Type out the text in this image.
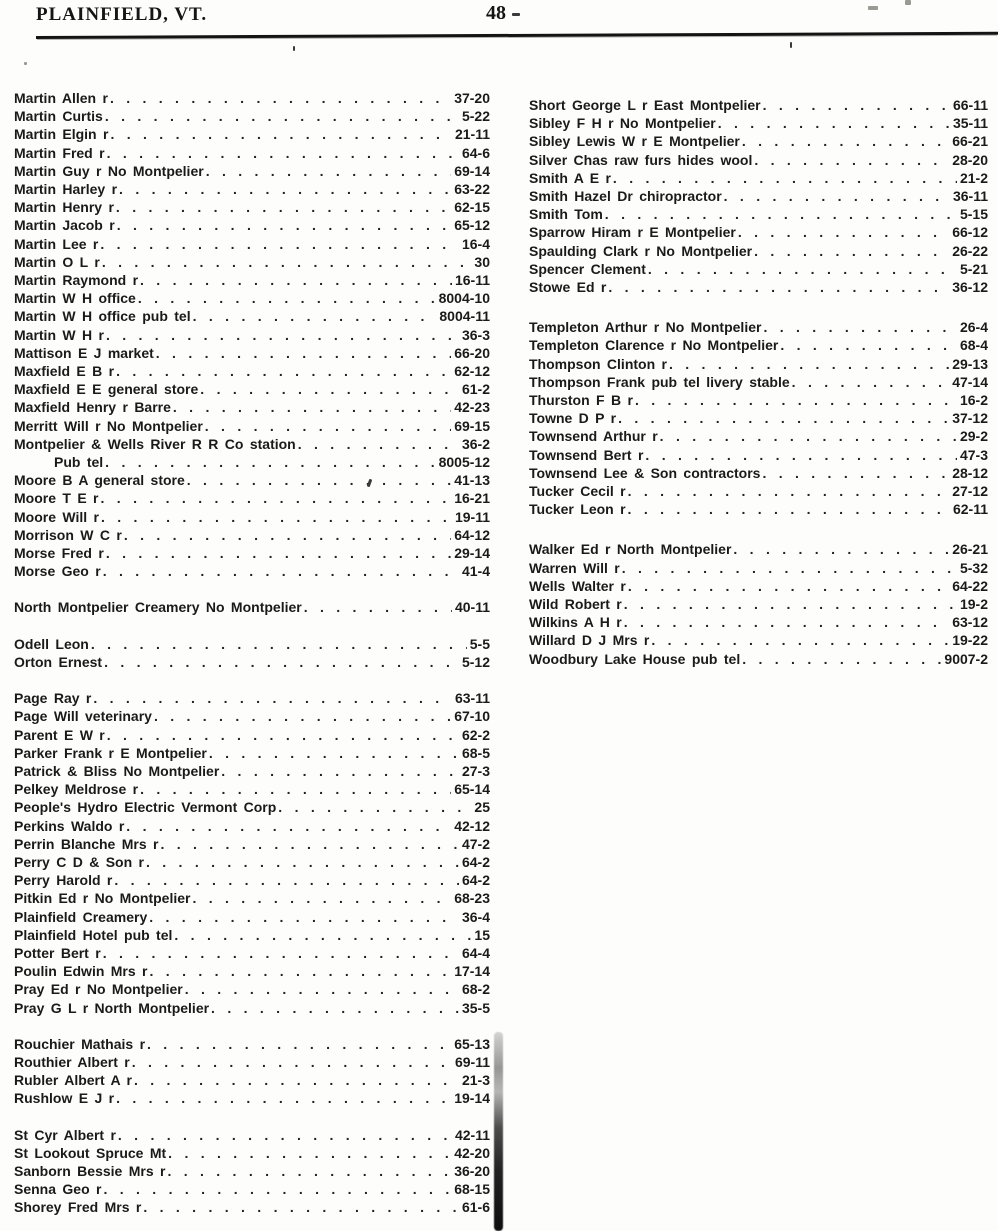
PLAINFIELD, VT.	48
Martin Allen r . . .	37-20
Martin Curtis . . .	5-22
Martin Elgin r . . .	21-11
Martin Fred r . . .	64-6
Martin Guy r No Montpelier . . .	69-14
Martin Harley r . . .	63-22
Martin Henry r . . .	62-15
Martin Jacob r . . .	65-12
Martin Lee r . . .	16-4
Martin O L r . . .	30
Martin Raymond r . . .	16-11
Martin W H office . . .	8004-10
Martin W H office pub tel . . .	8004-11
Martin W H r . . .	36-3
Mattison E J market . . .	66-20
Maxfield E B r . . .	62-12
Maxfield E E general store . . .	61-2
Maxfield Henry r Barre . . .	42-23
Merritt Will r No Montpelier . . .	69-15
Montpelier & Wells River R R Co station . . .	36-2
Pub tel . . .	8005-12
Moore B A general store . . .	41-13
Moore T E r . . .	16-21
Moore Will r . . .	19-11
Morrison W C r . . .	64-12
Morse Fred r . . .	29-14
Morse Geo r . . .	41-4
North Montpelier Creamery No Montpelier . . .	40-11
Odell Leon . . .	5-5
Orton Ernest . . .	5-12
Page Ray r . . .	63-11
Page Will veterinary . . .	67-10
Parent E W r . . .	62-2
Parker Frank r E Montpelier . . .	68-5
Patrick & Bliss No Montpelier . . .	27-3
Pelkey Meldrose r . . .	65-14
People's Hydro Electric Vermont Corp . . .	25
Perkins Waldo r . . .	42-12
Perrin Blanche Mrs r . . .	47-2
Perry C D & Son r . . .	64-2
Perry Harold r . . .	64-2
Pitkin Ed r No Montpelier . . .	68-23
Plainfield Creamery . . .	36-4
Plainfield Hotel pub tel . . .	15
Potter Bert r . . .	64-4
Poulin Edwin Mrs r . . .	17-14
Pray Ed r No Montpelier . . .	68-2
Pray G L r North Montpelier . . .	35-5
Rouchier Mathais r . . .	65-13
Routhier Albert r . . .	69-11
Rubler Albert A r . . .	21-3
Rushlow E J r . . .	19-14
St Cyr Albert r . . .	42-11
St Lookout Spruce Mt . . .	42-20
Sanborn Bessie Mrs r . . .	36-20
Senna Geo r . . .	68-15
Shorey Fred Mrs r . . .	61-6
Short George L r East Montpelier . . .	66-11
Sibley F H r No Montpelier . . .	35-11
Sibley Lewis W r E Montpelier . . .	66-21
Silver Chas raw furs hides wool . . .	28-20
Smith A E r . . .	21-2
Smith Hazel Dr chiropractor . . .	36-11
Smith Tom . . .	5-15
Sparrow Hiram r E Montpelier . . .	66-12
Spaulding Clark r No Montpelier . . .	26-22
Spencer Clement . . .	5-21
Stowe Ed r . . .	36-12
Templeton Arthur r No Montpelier . . .	26-4
Templeton Clarence r No Montpelier . . .	68-4
Thompson Clinton r . . .	29-13
Thompson Frank pub tel livery stable . . .	47-14
Thurston F B r . . .	16-2
Towne D P r . . .	37-12
Townsend Arthur r . . .	29-2
Townsend Bert r . . .	47-3
Townsend Lee & Son contractors . . .	28-12
Tucker Cecil r . . .	27-12
Tucker Leon r . . .	62-11
Walker Ed r North Montpelier . . .	26-21
Warren Will r . . .	5-32
Wells Walter r . . .	64-22
Wild Robert r . . .	19-2
Wilkins A H r . . .	63-12
Willard D J Mrs r . . .	19-22
Woodbury Lake House pub tel . . .	9007-2
